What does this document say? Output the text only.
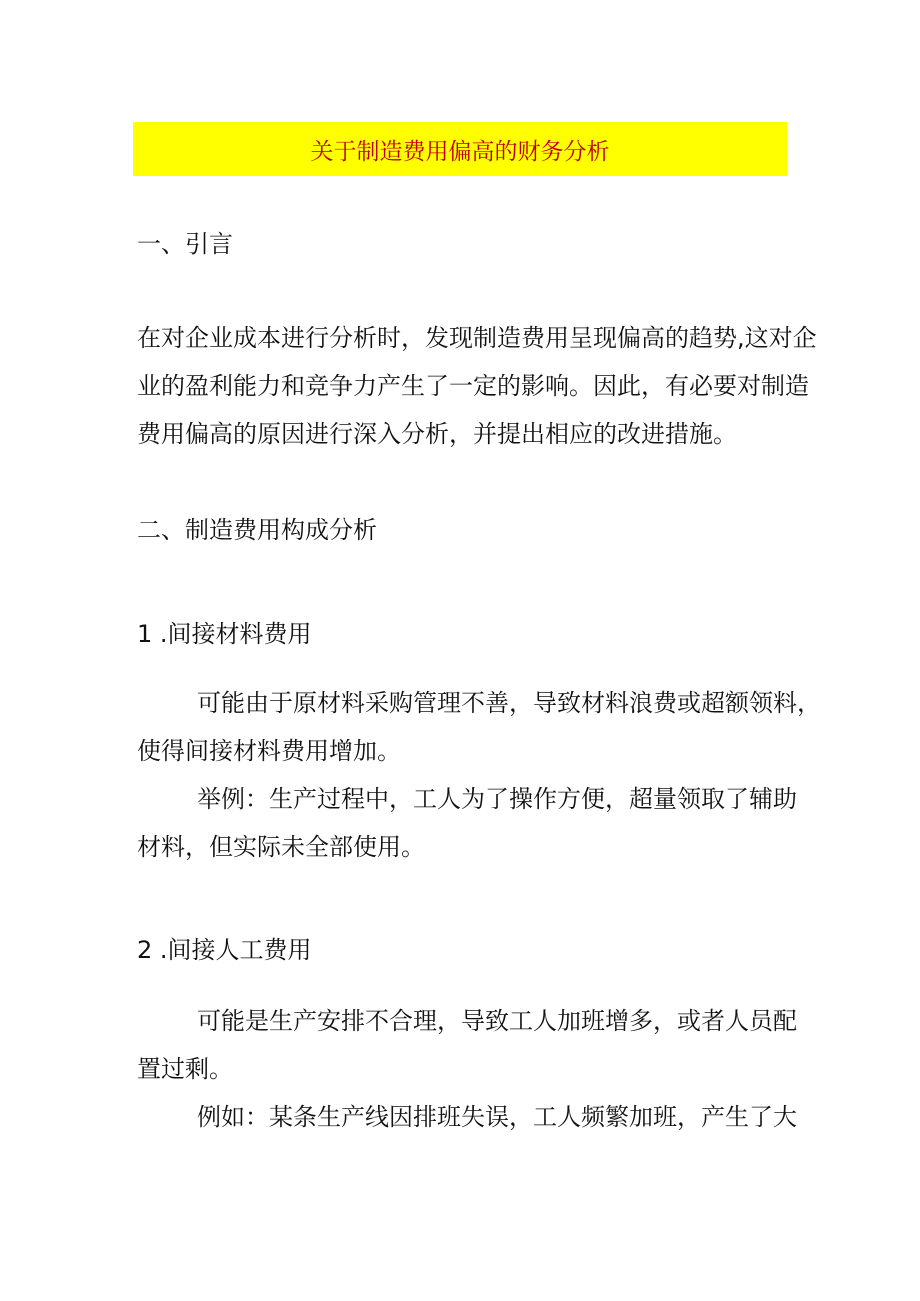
关于制造费用偏高的财务分析
一、引言
在对企业成本进行分析时，发现制造费用呈现偏高的趋势,这对企
业的盈利能力和竞争力产生了一定的影响。因此，有必要对制造
费用偏高的原因进行深入分析，并提出相应的改进措施。
二、制造费用构成分析
1 .间接材料费用
可能由于原材料采购管理不善，导致材料浪费或超额领料，
使得间接材料费用增加。
举例：生产过程中，工人为了操作方便，超量领取了辅助
材料，但实际未全部使用。
2 .间接人工费用
可能是生产安排不合理，导致工人加班增多，或者人员配
置过剩。
例如：某条生产线因排班失误，工人频繁加班，产生了大
